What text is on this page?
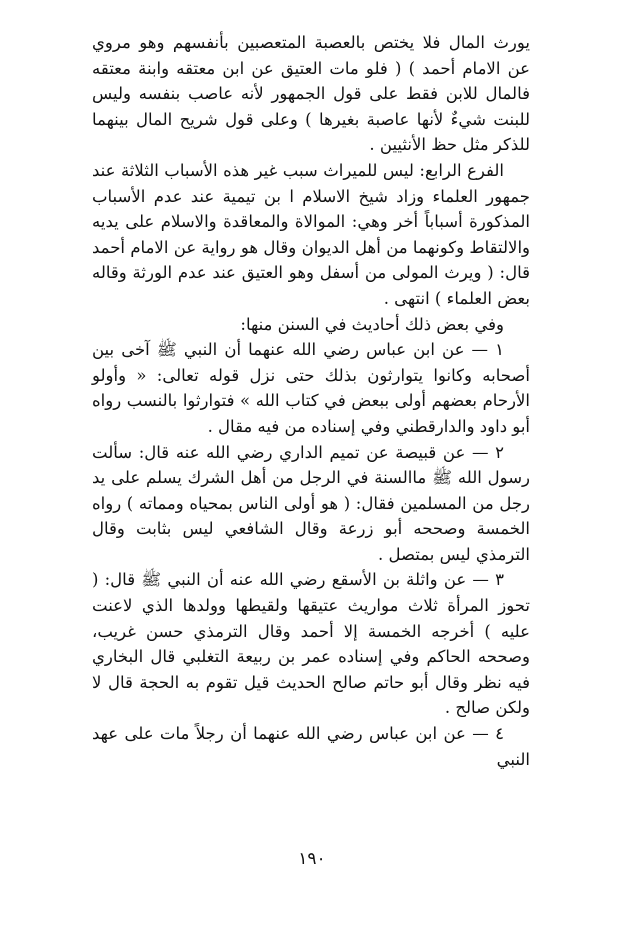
يورث المال فلا يختص بالعصبة المتعصبين بأنفسهم وهو مروي عن الامام أحمد ) ( فلو مات العتيق عن ابن معتقه وابنة معتقه فالمال للابن فقط على قول الجمهور لأنه عاصب بنفسه وليس للبنت شيءٌ لأنها عاصبة بغيرها ) وعلى قول شريح المال بينهما للذكر مثل حظ الأنثيين .

الفرع الرابع: ليس للميراث سبب غير هذه الأسباب الثلاثة عند جمهور العلماء وزاد شيخ الاسلام ا بن تيمية عند عدم الأسباب المذكورة أسباباً أخر وهي: الموالاة والمعاقدة والاسلام على يديه والالتقاط وكونهما من أهل الديوان وقال هو رواية عن الامام أحمد قال: ( ويرث المولى من أسفل وهو العتيق عند عدم الورثة وقاله بعض العلماء ) انتهى .

وفي بعض ذلك أحاديث في السنن منها:

١ — عن ابن عباس رضي الله عنهما أن النبي ﷺ آخى بين أصحابه وكانوا يتوارثون بذلك حتى نزل قوله تعالى: « وأولو الأرحام بعضهم أولى ببعض في كتاب الله » فتوارثوا بالنسب رواه أبو داود والدارقطني وفي إسناده من فيه مقال .

٢ — عن قبيصة عن تميم الداري رضي الله عنه قال: سألت رسول الله ﷺ ماالسنة في الرجل من أهل الشرك يسلم على يد رجل من المسلمين فقال: ( هو أولى الناس بمحياه ومماته ) رواه الخمسة وصححه أبو زرعة وقال الشافعي ليس بثابت وقال الترمذي ليس بمتصل .

٣ — عن واثلة بن الأسقع رضي الله عنه أن النبي ﷺ قال: ( تحوز المرأة ثلاث مواريث عتيقها ولقيطها وولدها الذي لاعنت عليه ) أخرجه الخمسة إلا أحمد وقال الترمذي حسن غريب، وصححه الحاكم وفي إسناده عمر بن ربيعة التغلبي قال البخاري فيه نظر وقال أبو حاتم صالح الحديث قيل تقوم به الحجة قال لا ولكن صالح .

٤ — عن ابن عباس رضي الله عنهما أن رجلاً مات على عهد النبي

١٩٠
